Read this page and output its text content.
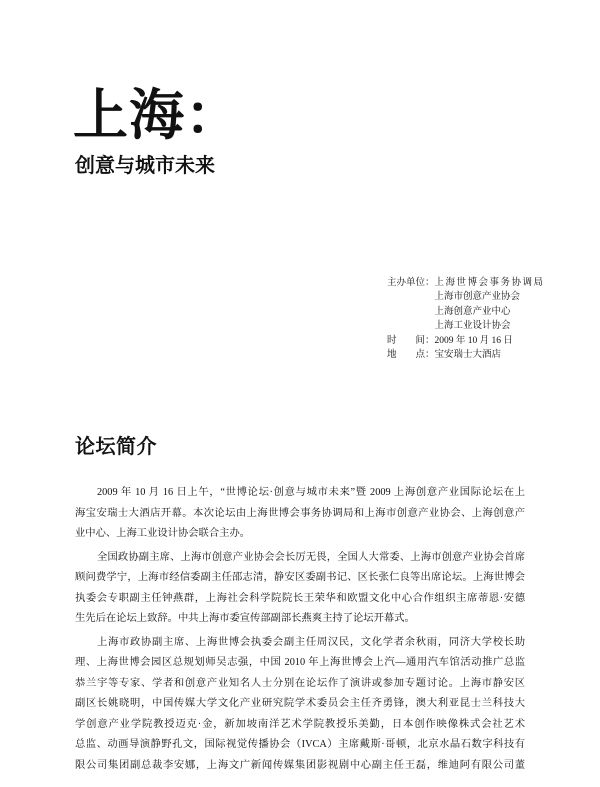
上海：
创意与城市未来
主办单位： 上海世博会事务协调局
上海市创意产业协会
上海创意产业中心
上海工业设计协会
时　　间： 2009 年 10 月 16 日
地　　点： 宝安瑞士大酒店
论坛简介
2009 年 10 月 16 日上午，“世博论坛·创意与城市未来”暨 2009 上海创意产业国际论坛在上
海宝安瑞士大酒店开幕。本次论坛由上海世博会事务协调局和上海市创意产业协会、上海创意产
业中心、上海工业设计协会联合主办。
全国政协副主席、上海市创意产业协会会长厉无畏，全国人大常委、上海市创意产业协会首席
顾问费学宁，上海市经信委副主任邵志清，静安区委副书记、区长张仁良等出席论坛。上海世博会
执委会专职副主任钟燕群，上海社会科学院院长王荣华和欧盟文化中心合作组织主席蒂恩·安德
生先后在论坛上致辞。中共上海市委宣传部副部长燕爽主持了论坛开幕式。
上海市政协副主席、上海世博会执委会副主任周汉民，文化学者余秋雨，同济大学校长助
理、上海世博会园区总规划师吴志强，中国 2010 年上海世博会上汽—通用汽车馆活动推广总监
恭兰宇等专家、学者和创意产业知名人士分别在论坛作了演讲或参加专题讨论。上海市静安区
副区长姚晓明，中国传媒大学文化产业研究院学术委员会主任齐勇锋，澳大利亚昆士兰科技大
学创意产业学院教授迈克·金，新加坡南洋艺术学院教授乐美勤，日本创作映像株式会社艺术
总监、动画导演静野孔文，国际视觉传播协会（IVCA）主席戴斯·哥顿，北京水晶石数字科技有
限公司集团副总裁李安娜，上海文广新闻传媒集团影视剧中心副主任王磊，维迪阿有限公司董
